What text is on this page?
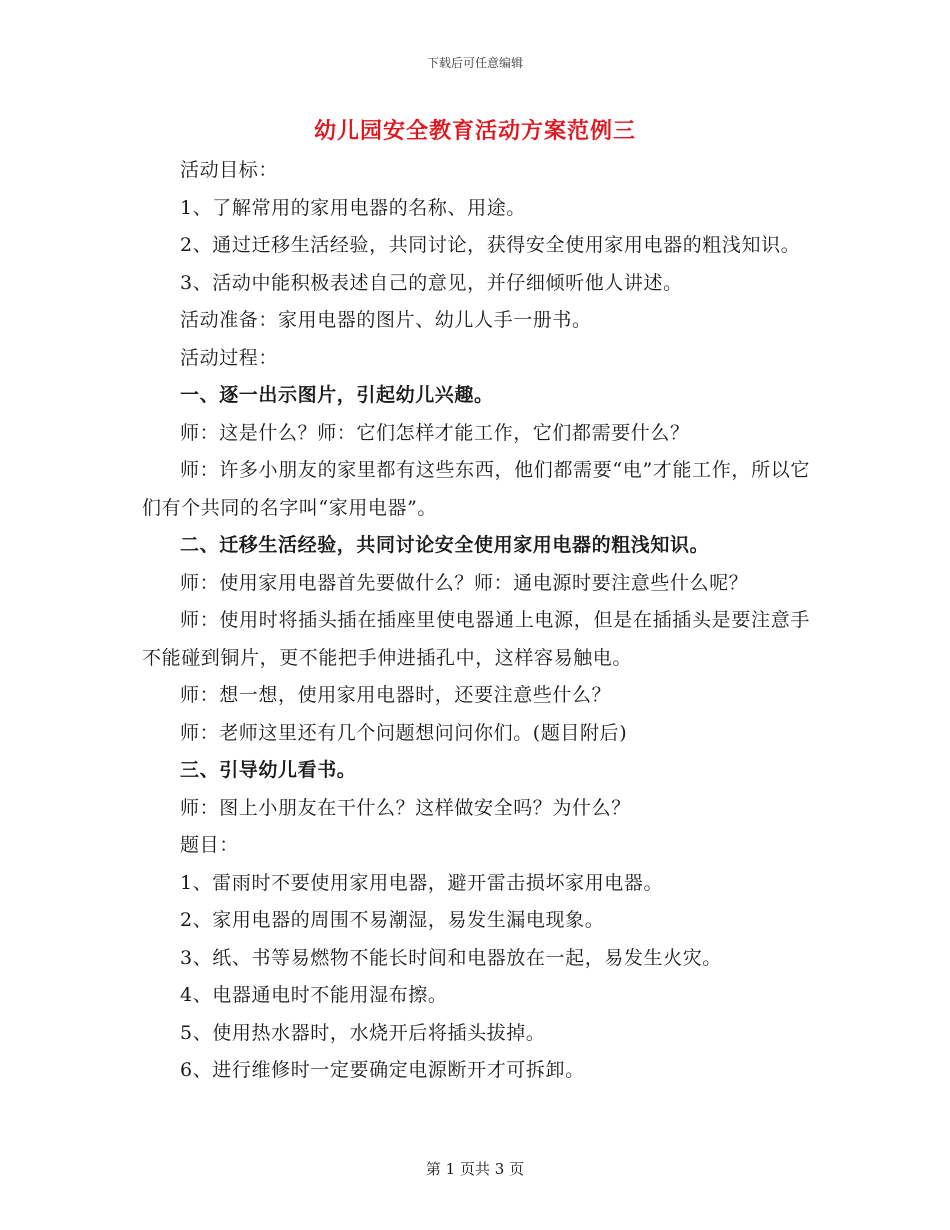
下载后可任意编辑
幼儿园安全教育活动方案范例三

活动目标：

1、了解常用的家用电器的名称、用途。

2、通过迁移生活经验，共同讨论，获得安全使用家用电器的粗浅知识。

3、活动中能积极表述自己的意见，并仔细倾听他人讲述。

活动准备：家用电器的图片、幼儿人手一册书。

活动过程：

一、逐一出示图片，引起幼儿兴趣。

师：这是什么？师：它们怎样才能工作，它们都需要什么？

师：许多小朋友的家里都有这些东西，他们都需要“电”才能工作，所以它们有个共同的名字叫“家用电器”。

二、迁移生活经验，共同讨论安全使用家用电器的粗浅知识。

师：使用家用电器首先要做什么？师：通电源时要注意些什么呢？

师：使用时将插头插在插座里使电器通上电源，但是在插插头是要注意手不能碰到铜片，更不能把手伸进插孔中，这样容易触电。

师：想一想，使用家用电器时，还要注意些什么？

师：老师这里还有几个问题想问问你们。(题目附后)

三、引导幼儿看书。

师：图上小朋友在干什么？这样做安全吗？为什么？

题目：

1、雷雨时不要使用家用电器，避开雷击损坏家用电器。

2、家用电器的周围不易潮湿，易发生漏电现象。

3、纸、书等易燃物不能长时间和电器放在一起，易发生火灾。

4、电器通电时不能用湿布擦。

5、使用热水器时，水烧开后将插头拔掉。

6、进行维修时一定要确定电源断开才可拆卸。

第 1 页共 3 页
